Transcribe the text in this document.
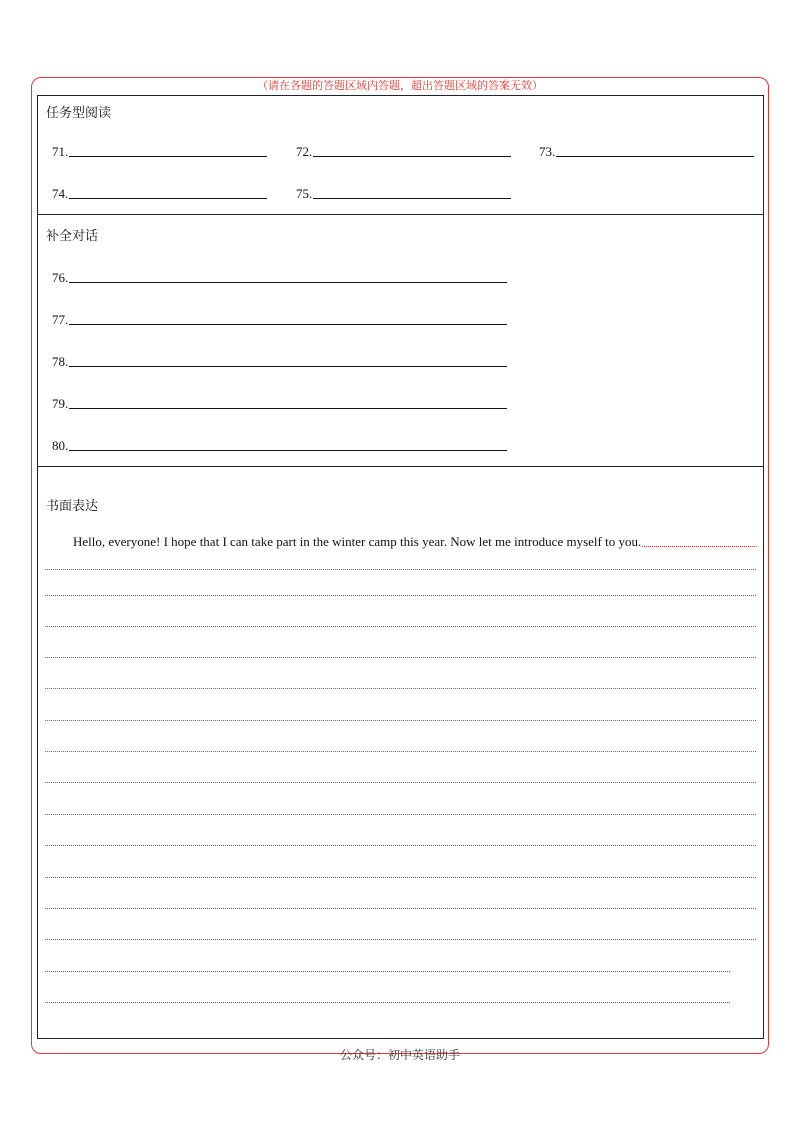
（请在各题的答题区域内答题，超出答题区域的答案无效）
任务型阅读
71.	72.	73.
74.	75.
补全对话
76.
77.
78.
79.
80.
书面表达
Hello, everyone! I hope that I can take part in the winter camp this year. Now let me introduce myself to you.
公众号：初中英语助手
